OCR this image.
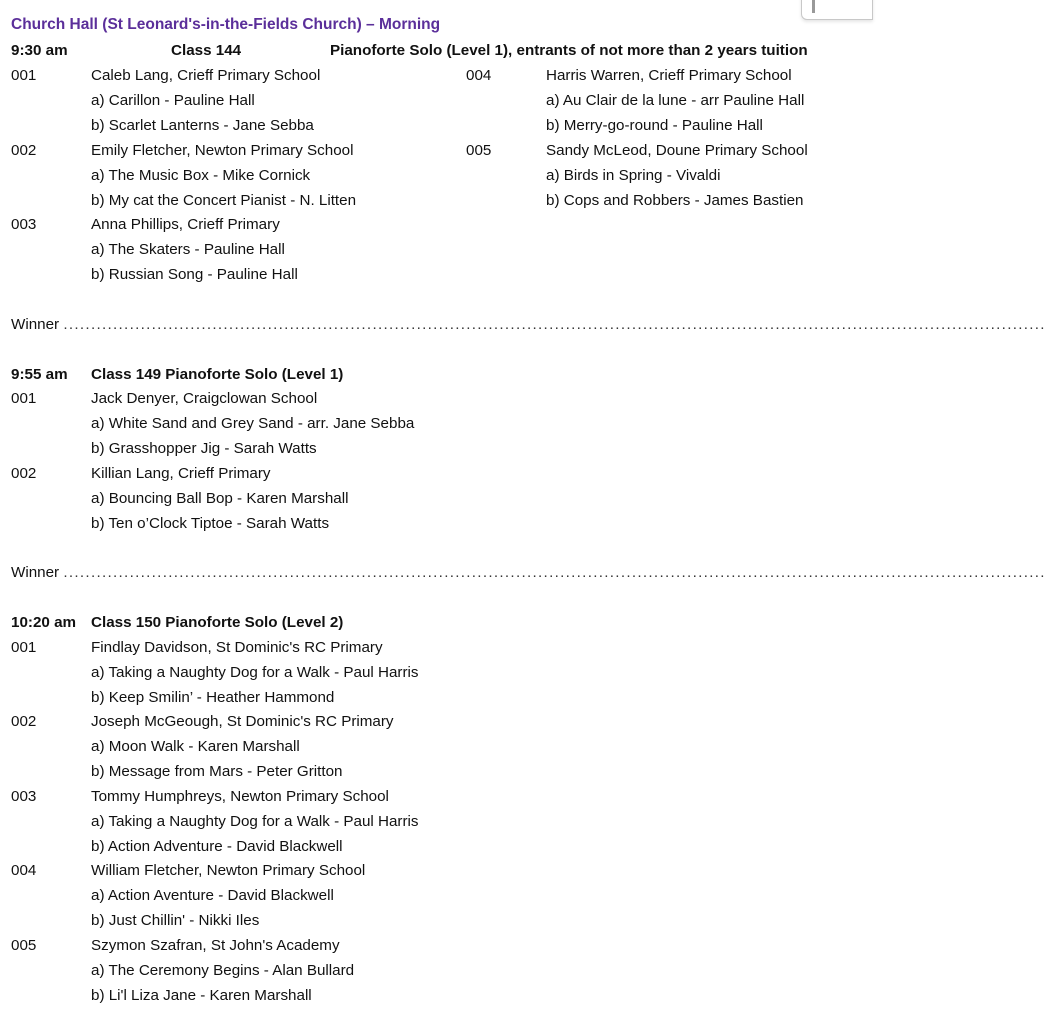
Church Hall (St Leonard's-in-the-Fields Church) – Morning
9:30 am	Class 144	Pianoforte Solo (Level 1), entrants of not more than 2 years tuition
001	Caleb Lang, Crieff Primary School
a) Carillon - Pauline Hall
b) Scarlet Lanterns - Jane Sebba
002	Emily Fletcher, Newton Primary School
a) The Music Box - Mike Cornick
b) My cat the Concert Pianist - N. Litten
003	Anna Phillips, Crieff Primary
a) The Skaters - Pauline Hall
b) Russian Song - Pauline Hall
004	Harris Warren, Crieff Primary School
a) Au Clair de la lune - arr Pauline Hall
b) Merry-go-round - Pauline Hall
005	Sandy McLeod, Doune Primary School
a) Birds in Spring - Vivaldi
b) Cops and Robbers - James Bastien
Winner ..................................................................................................................................................................................
9:55 am Class 149 Pianoforte Solo (Level 1)
001	Jack Denyer, Craigclowan School
a) White Sand and Grey Sand - arr. Jane Sebba
b) Grasshopper Jig - Sarah Watts
002	Killian Lang, Crieff Primary
a) Bouncing Ball Bop - Karen Marshall
b) Ten o’Clock Tiptoe - Sarah Watts
Winner ..................................................................................................................................................................................
10:20 am Class 150 Pianoforte Solo (Level 2)
001	Findlay Davidson, St Dominic's RC Primary
a) Taking a Naughty Dog for a Walk - Paul Harris
b) Keep Smilin’ - Heather Hammond
002	Joseph McGeough, St Dominic's RC Primary
a) Moon Walk - Karen Marshall
b) Message from Mars - Peter Gritton
003	Tommy Humphreys, Newton Primary School
a) Taking a Naughty Dog for a Walk - Paul Harris
b) Action Adventure - David Blackwell
004	William Fletcher, Newton Primary School
a) Action Aventure - David Blackwell
b) Just Chillin' - Nikki Iles
005	Szymon Szafran, St John's Academy
a) The Ceremony Begins - Alan Bullard
b) Li'l Liza Jane - Karen Marshall
